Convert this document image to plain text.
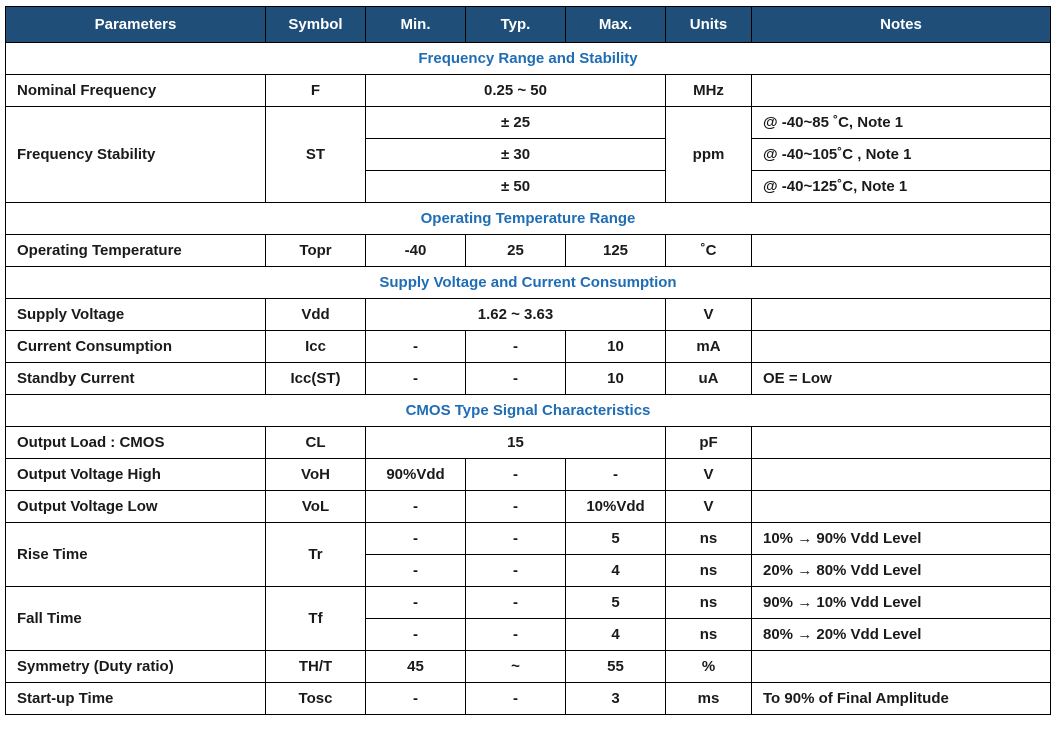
Parameters	Symbol	Min.	Typ.	Max.	Units	Notes
Frequency Range and Stability						
Nominal Frequency	F	0.25 ~ 50			MHz	
Frequency Stability	ST	± 25			ppm	@ -40~85 ˚C, Note 1
		± 30				@ -40~105˚C , Note 1
		± 50				@ -40~125˚C, Note 1
Operating Temperature Range						
Operating Temperature	Topr	-40	25	125	˚C	
Supply Voltage and Current Consumption						
Supply Voltage	Vdd	1.62 ~ 3.63			V	
Current Consumption	Icc	-	-	10	mA	
Standby Current	Icc(ST)	-	-	10	uA	OE = Low
CMOS Type Signal Characteristics						
Output Load : CMOS	CL	15			pF	
Output Voltage High	VoH	90%Vdd	-	-	V	
Output Voltage Low	VoL	-	-	10%Vdd	V	
Rise Time	Tr	-	-	5	ns	10% → 90% Vdd Level
		-	-	4	ns	20% → 80% Vdd Level
Fall Time	Tf	-	-	5	ns	90% → 10% Vdd Level
		-	-	4	ns	80% → 20% Vdd Level
Symmetry (Duty ratio)	TH/T	45	~	55	%	
Start-up Time	Tosc	-	-	3	ms	To 90% of Final Amplitude
